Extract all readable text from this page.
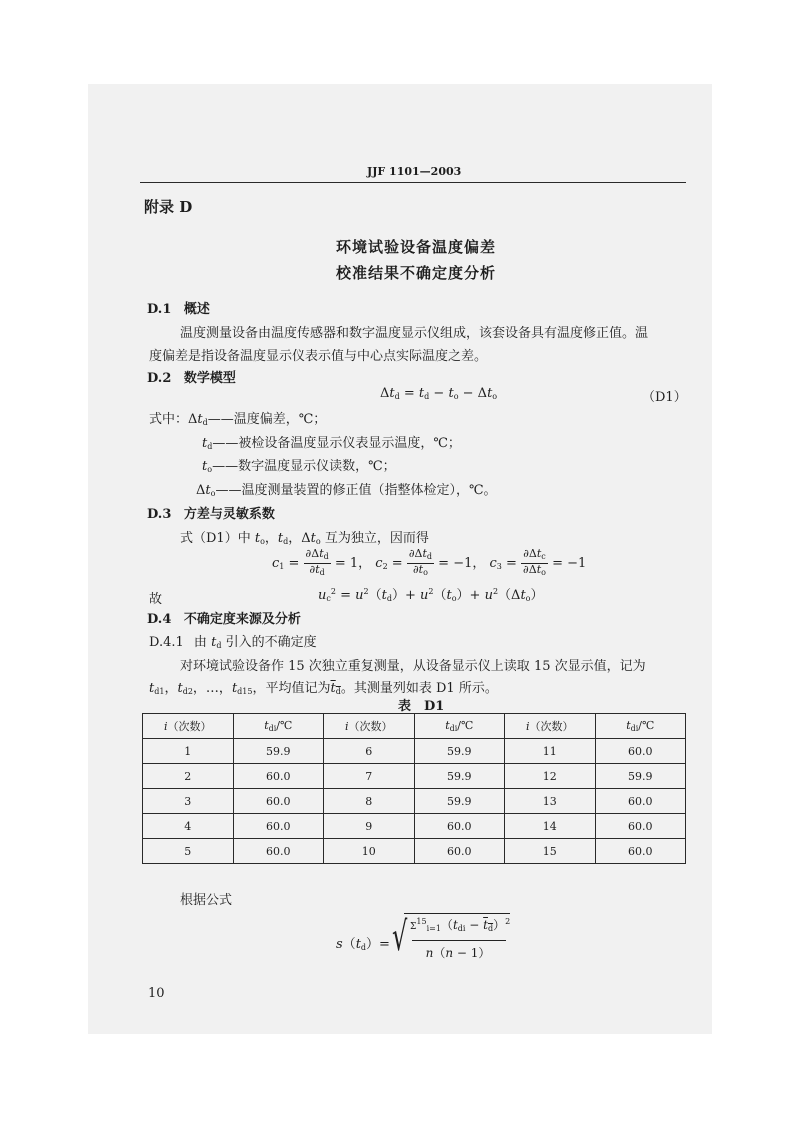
JJF 1101—2003
附录 D
环境试验设备温度偏差
校准结果不确定度分析
D.1 概述
温度测量设备由温度传感器和数字温度显示仪组成，该套设备具有温度修正值。温
度偏差是指设备温度显示仪表示值与中心点实际温度之差。
D.2 数学模型
$\Delta t_d = t_d - t_o - \Delta t_o$	（D1）
式中：$\Delta t_d——$温度偏差，℃；
$t_d——$被检设备温度显示仪表显示温度，℃；
$t_o——$数字温度显示仪读数，℃；
$\Delta t_o——$温度测量装置的修正值（指整体检定），℃。
D.3 方差与灵敏系数
式（D1）中 $t_o$，$t_d$，$\Delta t_o$ 互为独立，因而得
$c_1 = \frac{\partial\Delta t_d}{\partial t_d} = 1$， $c_2 = \frac{\partial\Delta t_d}{\partial t_o} = -1$， $c_3 = \frac{\partial\Delta t_c}{\partial\Delta t_o} = -1$
故	$u_c^2 = u^2(t_d)+ u^2(t_o)+ u^2(\Delta t_o)$
D.4 不确定度来源及分析
D.4.1 由 $t_d$ 引入的不确定度
对环境试验设备作 15 次独立重复测量，从设备显示仪上读取 15 次显示值，记为
$t_{d1}$，$t_{d2}$，…，$t_{d15}$，平均值记为$t_d$。其测量列如表 D1 所示。
表　D1
i（次数）	$t_{di}/℃$	i（次数）	$t_{di}/℃$	i（次数）	$t_{di}/℃$
1	59.9	6	59.9	11	60.0
2	60.0	7	59.9	12	59.9
3	60.0	8	59.9	13	60.0
4	60.0	9	60.0	14	60.0
5	60.0	10	60.0	15	60.0
根据公式
$s(t_d)=$ √ $\Sigma^{15}_{i=1}(t_{di} - t_d)^2$
n（n − 1）
10
